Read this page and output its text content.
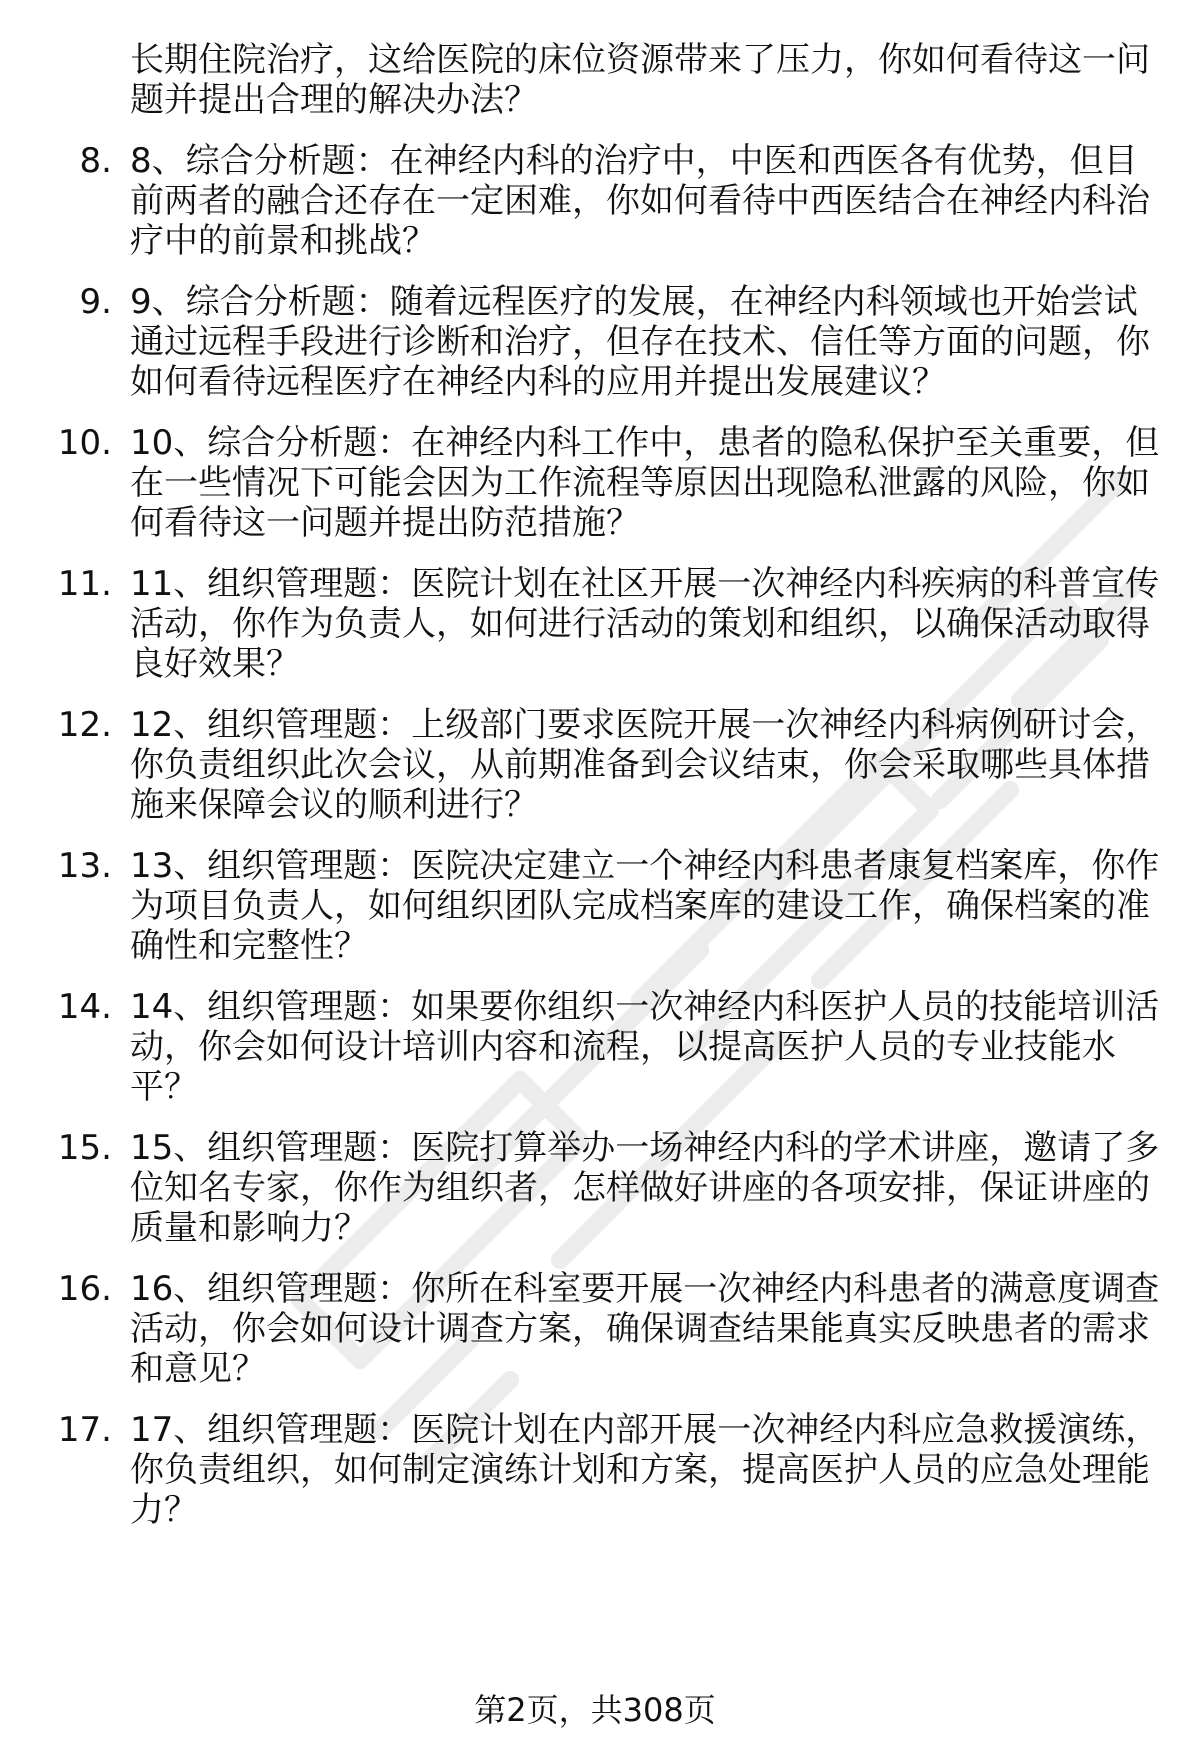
长期住院治疗，这给医院的床位资源带来了压力，你如何看待这一问题并提出合理的解决办法？
8. 8、综合分析题：在神经内科的治疗中，中医和西医各有优势，但目前两者的融合还存在一定困难，你如何看待中西医结合在神经内科治疗中的前景和挑战？
9. 9、综合分析题：随着远程医疗的发展，在神经内科领域也开始尝试通过远程手段进行诊断和治疗，但存在技术、信任等方面的问题，你如何看待远程医疗在神经内科的应用并提出发展建议？
10. 10、综合分析题：在神经内科工作中，患者的隐私保护至关重要，但在一些情况下可能会因为工作流程等原因出现隐私泄露的风险，你如何看待这一问题并提出防范措施？
11. 11、组织管理题：医院计划在社区开展一次神经内科疾病的科普宣传活动，你作为负责人，如何进行活动的策划和组织，以确保活动取得良好效果？
12. 12、组织管理题：上级部门要求医院开展一次神经内科病例研讨会，你负责组织此次会议，从前期准备到会议结束，你会采取哪些具体措施来保障会议的顺利进行？
13. 13、组织管理题：医院决定建立一个神经内科患者康复档案库，你作为项目负责人，如何组织团队完成档案库的建设工作，确保档案的准确性和完整性？
14. 14、组织管理题：如果要你组织一次神经内科医护人员的技能培训活动，你会如何设计培训内容和流程，以提高医护人员的专业技能水平？
15. 15、组织管理题：医院打算举办一场神经内科的学术讲座，邀请了多位知名专家，你作为组织者，怎样做好讲座的各项安排，保证讲座的质量和影响力？
16. 16、组织管理题：你所在科室要开展一次神经内科患者的满意度调查活动，你会如何设计调查方案，确保调查结果能真实反映患者的需求和意见？
17. 17、组织管理题：医院计划在内部开展一次神经内科应急救援演练，你负责组织，如何制定演练计划和方案，提高医护人员的应急处理能力？
第2页，共308页
